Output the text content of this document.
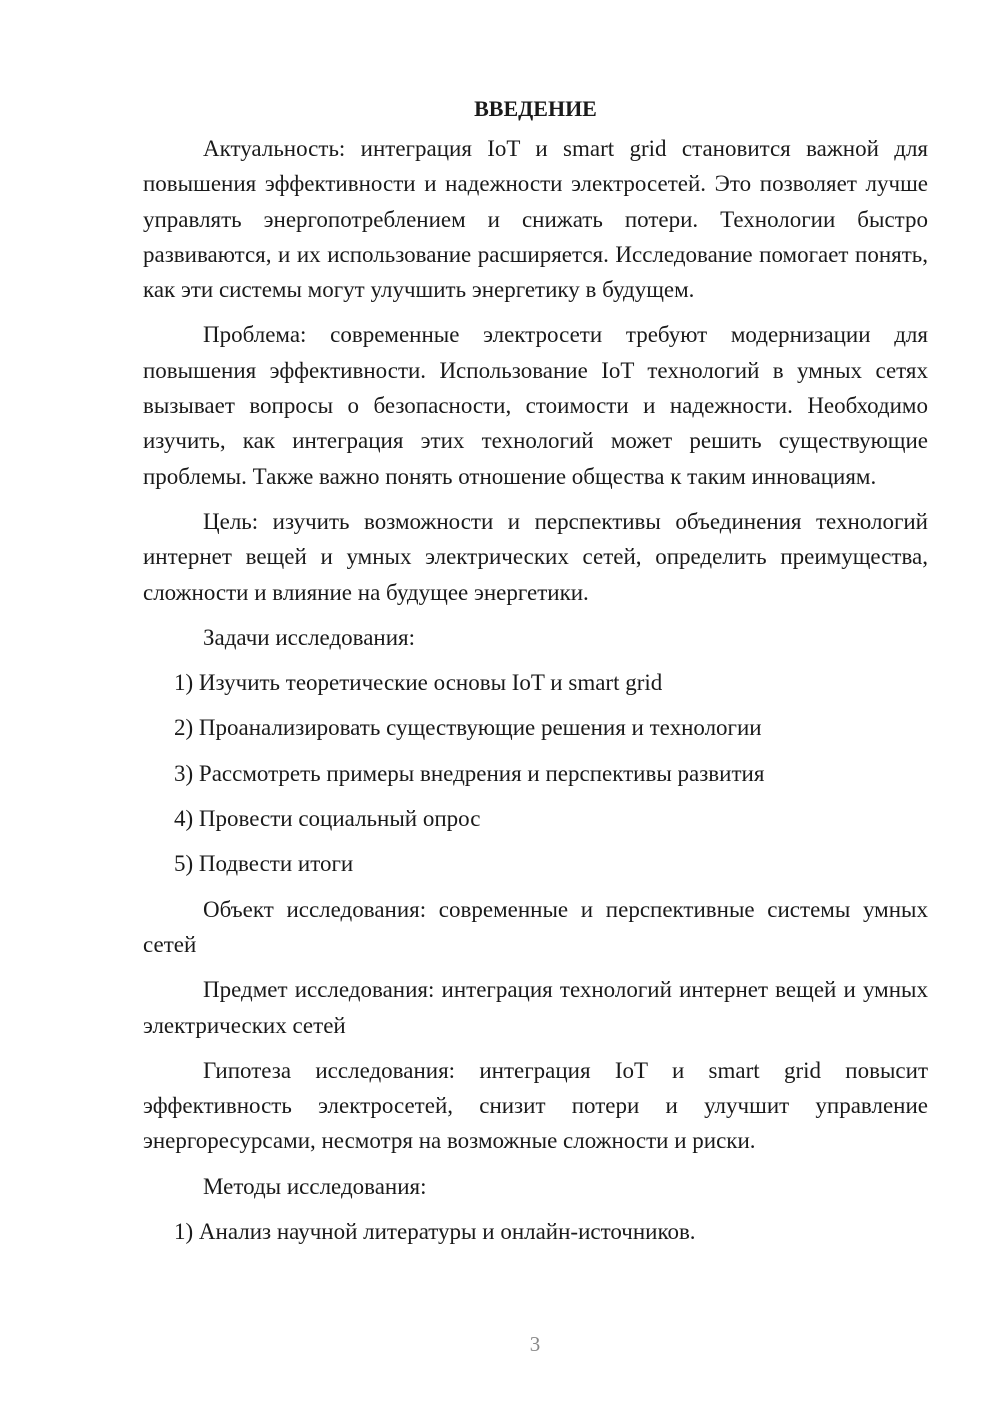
ВВЕДЕНИЕ

Актуальность: интеграция IoT и smart grid становится важной для повышения эффективности и надежности электросетей. Это позволяет лучше управлять энергопотреблением и снижать потери. Технологии быстро развиваются, и их использование расширяется. Исследование помогает понять, как эти системы могут улучшить энергетику в будущем.

Проблема: современные электросети требуют модернизации для повышения эффективности. Использование IoT технологий в умных сетях вызывает вопросы о безопасности, стоимости и надежности. Необходимо изучить, как интеграция этих технологий может решить существующие проблемы. Также важно понять отношение общества к таким инновациям.

Цель: изучить возможности и перспективы объединения технологий интернет вещей и умных электрических сетей, определить преимущества, сложности и влияние на будущее энергетики.

Задачи исследования:

1) Изучить теоретические основы IoT и smart grid

2) Проанализировать существующие решения и технологии

3) Рассмотреть примеры внедрения и перспективы развития

4) Провести социальный опрос

5) Подвести итоги

Объект исследования: современные и перспективные системы умных сетей

Предмет исследования: интеграция технологий интернет вещей и умных электрических сетей

Гипотеза исследования: интеграция IoT и smart grid повысит эффективность электросетей, снизит потери и улучшит управление энергоресурсами, несмотря на возможные сложности и риски.

Методы исследования:

1) Анализ научной литературы и онлайн-источников.

3
